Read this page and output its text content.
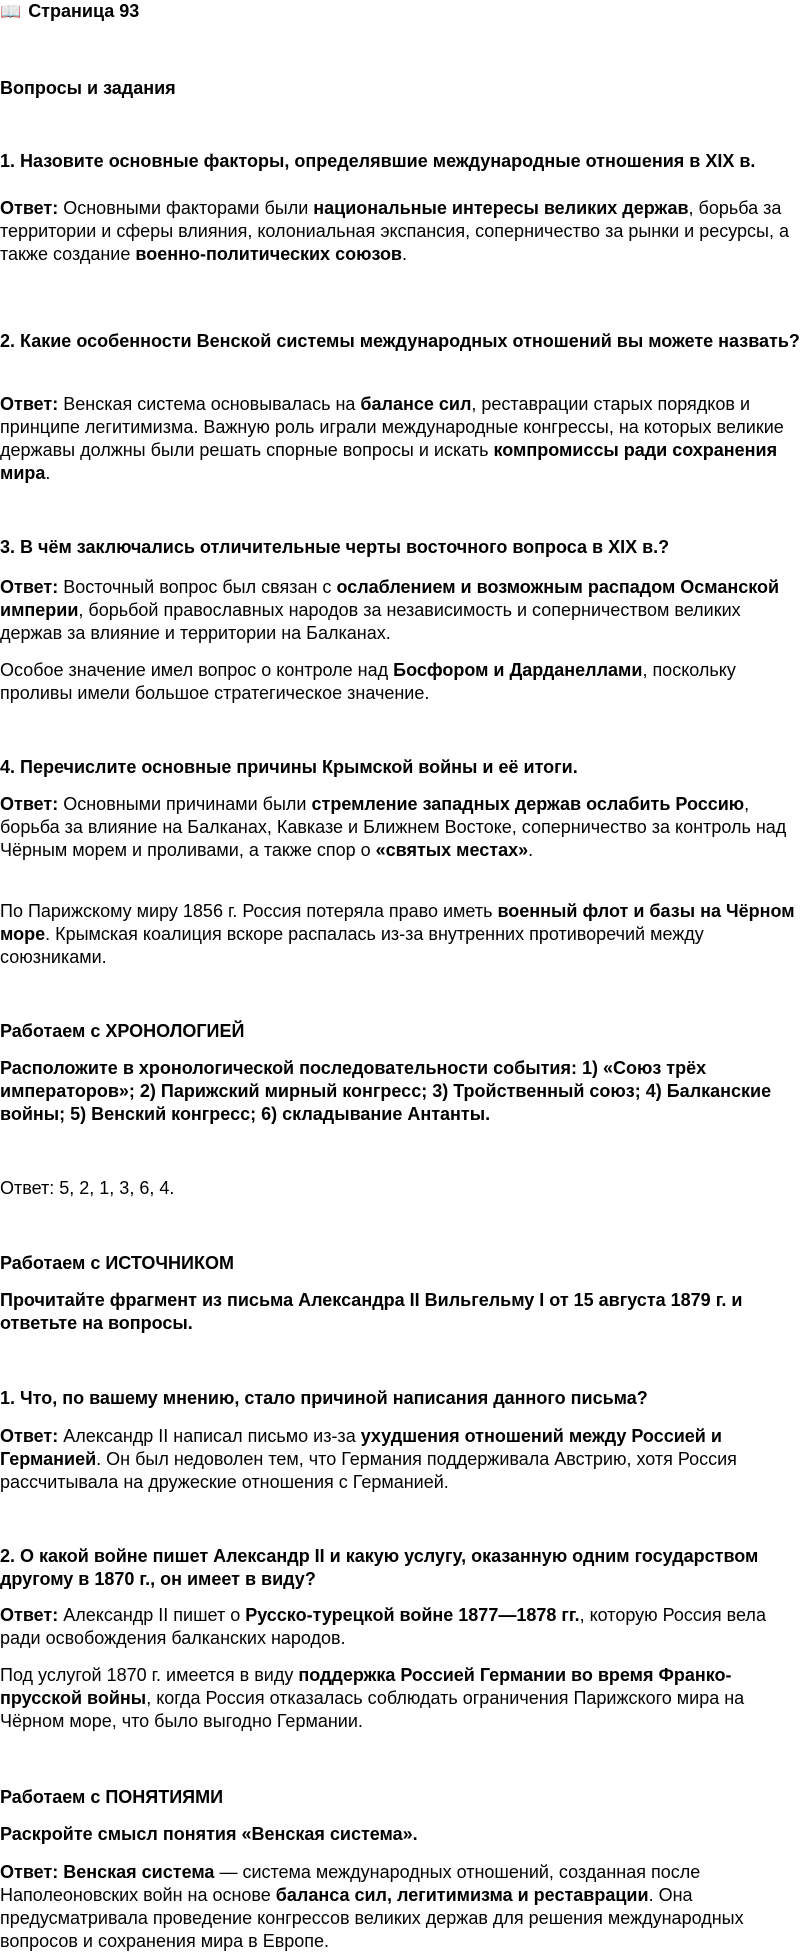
📖 Страница 93
Вопросы и задания
1. Назовите основные факторы, определявшие международные отношения в XIX в.

Ответ: Основными факторами были национальные интересы великих держав, борьба за территории и сферы влияния, колониальная экспансия, соперничество за рынки и ресурсы, а также создание военно-политических союзов.

2. Какие особенности Венской системы международных отношений вы можете назвать?

Ответ: Венская система основывалась на балансе сил, реставрации старых порядков и принципе легитимизма. Важную роль играли международные конгрессы, на которых великие державы должны были решать спорные вопросы и искать компромиссы ради сохранения мира.

3. В чём заключались отличительные черты восточного вопроса в XIX в.?

Ответ: Восточный вопрос был связан с ослаблением и возможным распадом Османской империи, борьбой православных народов за независимость и соперничеством великих держав за влияние и территории на Балканах.

Особое значение имел вопрос о контроле над Босфором и Дарданеллами, поскольку проливы имели большое стратегическое значение.

4. Перечислите основные причины Крымской войны и её итоги.

Ответ: Основными причинами были стремление западных держав ослабить Россию, борьба за влияние на Балканах, Кавказе и Ближнем Востоке, соперничество за контроль над Чёрным морем и проливами, а также спор о «святых местах».

По Парижскому миру 1856 г. Россия потеряла право иметь военный флот и базы на Чёрном море. Крымская коалиция вскоре распалась из-за внутренних противоречий между союзниками.

Работаем с ХРОНОЛОГИЕЙ
Расположите в хронологической последовательности события: 1) «Союз трёх императоров»; 2) Парижский мирный конгресс; 3) Тройственный союз; 4) Балканские войны; 5) Венский конгресс; 6) складывание Антанты.
Ответ: 5, 2, 1, 3, 6, 4.
Работаем с ИСТОЧНИКОМ
Прочитайте фрагмент из письма Александра II Вильгельму I от 15 августа 1879 г. и ответьте на вопросы.
1. Что, по вашему мнению, стало причиной написания данного письма?

Ответ: Александр II написал письмо из-за ухудшения отношений между Россией и Германией. Он был недоволен тем, что Германия поддерживала Австрию, хотя Россия рассчитывала на дружеские отношения с Германией.

2. О какой войне пишет Александр II и какую услугу, оказанную одним государством другому в 1870 г., он имеет в виду?

Ответ: Александр II пишет о Русско-турецкой войне 1877—1878 гг., которую Россия вела ради освобождения балканских народов.

Под услугой 1870 г. имеется в виду поддержка Россией Германии во время Франко-прусской войны, когда Россия отказалась соблюдать ограничения Парижского мира на Чёрном море, что было выгодно Германии.

Работаем с ПОНЯТИЯМИ
Раскройте смысл понятия «Венская система».

Ответ: Венская система — система международных отношений, созданная после Наполеоновских войн на основе баланса сил, легитимизма и реставрации. Она предусматривала проведение конгрессов великих держав для решения международных вопросов и сохранения мира в Европе.
